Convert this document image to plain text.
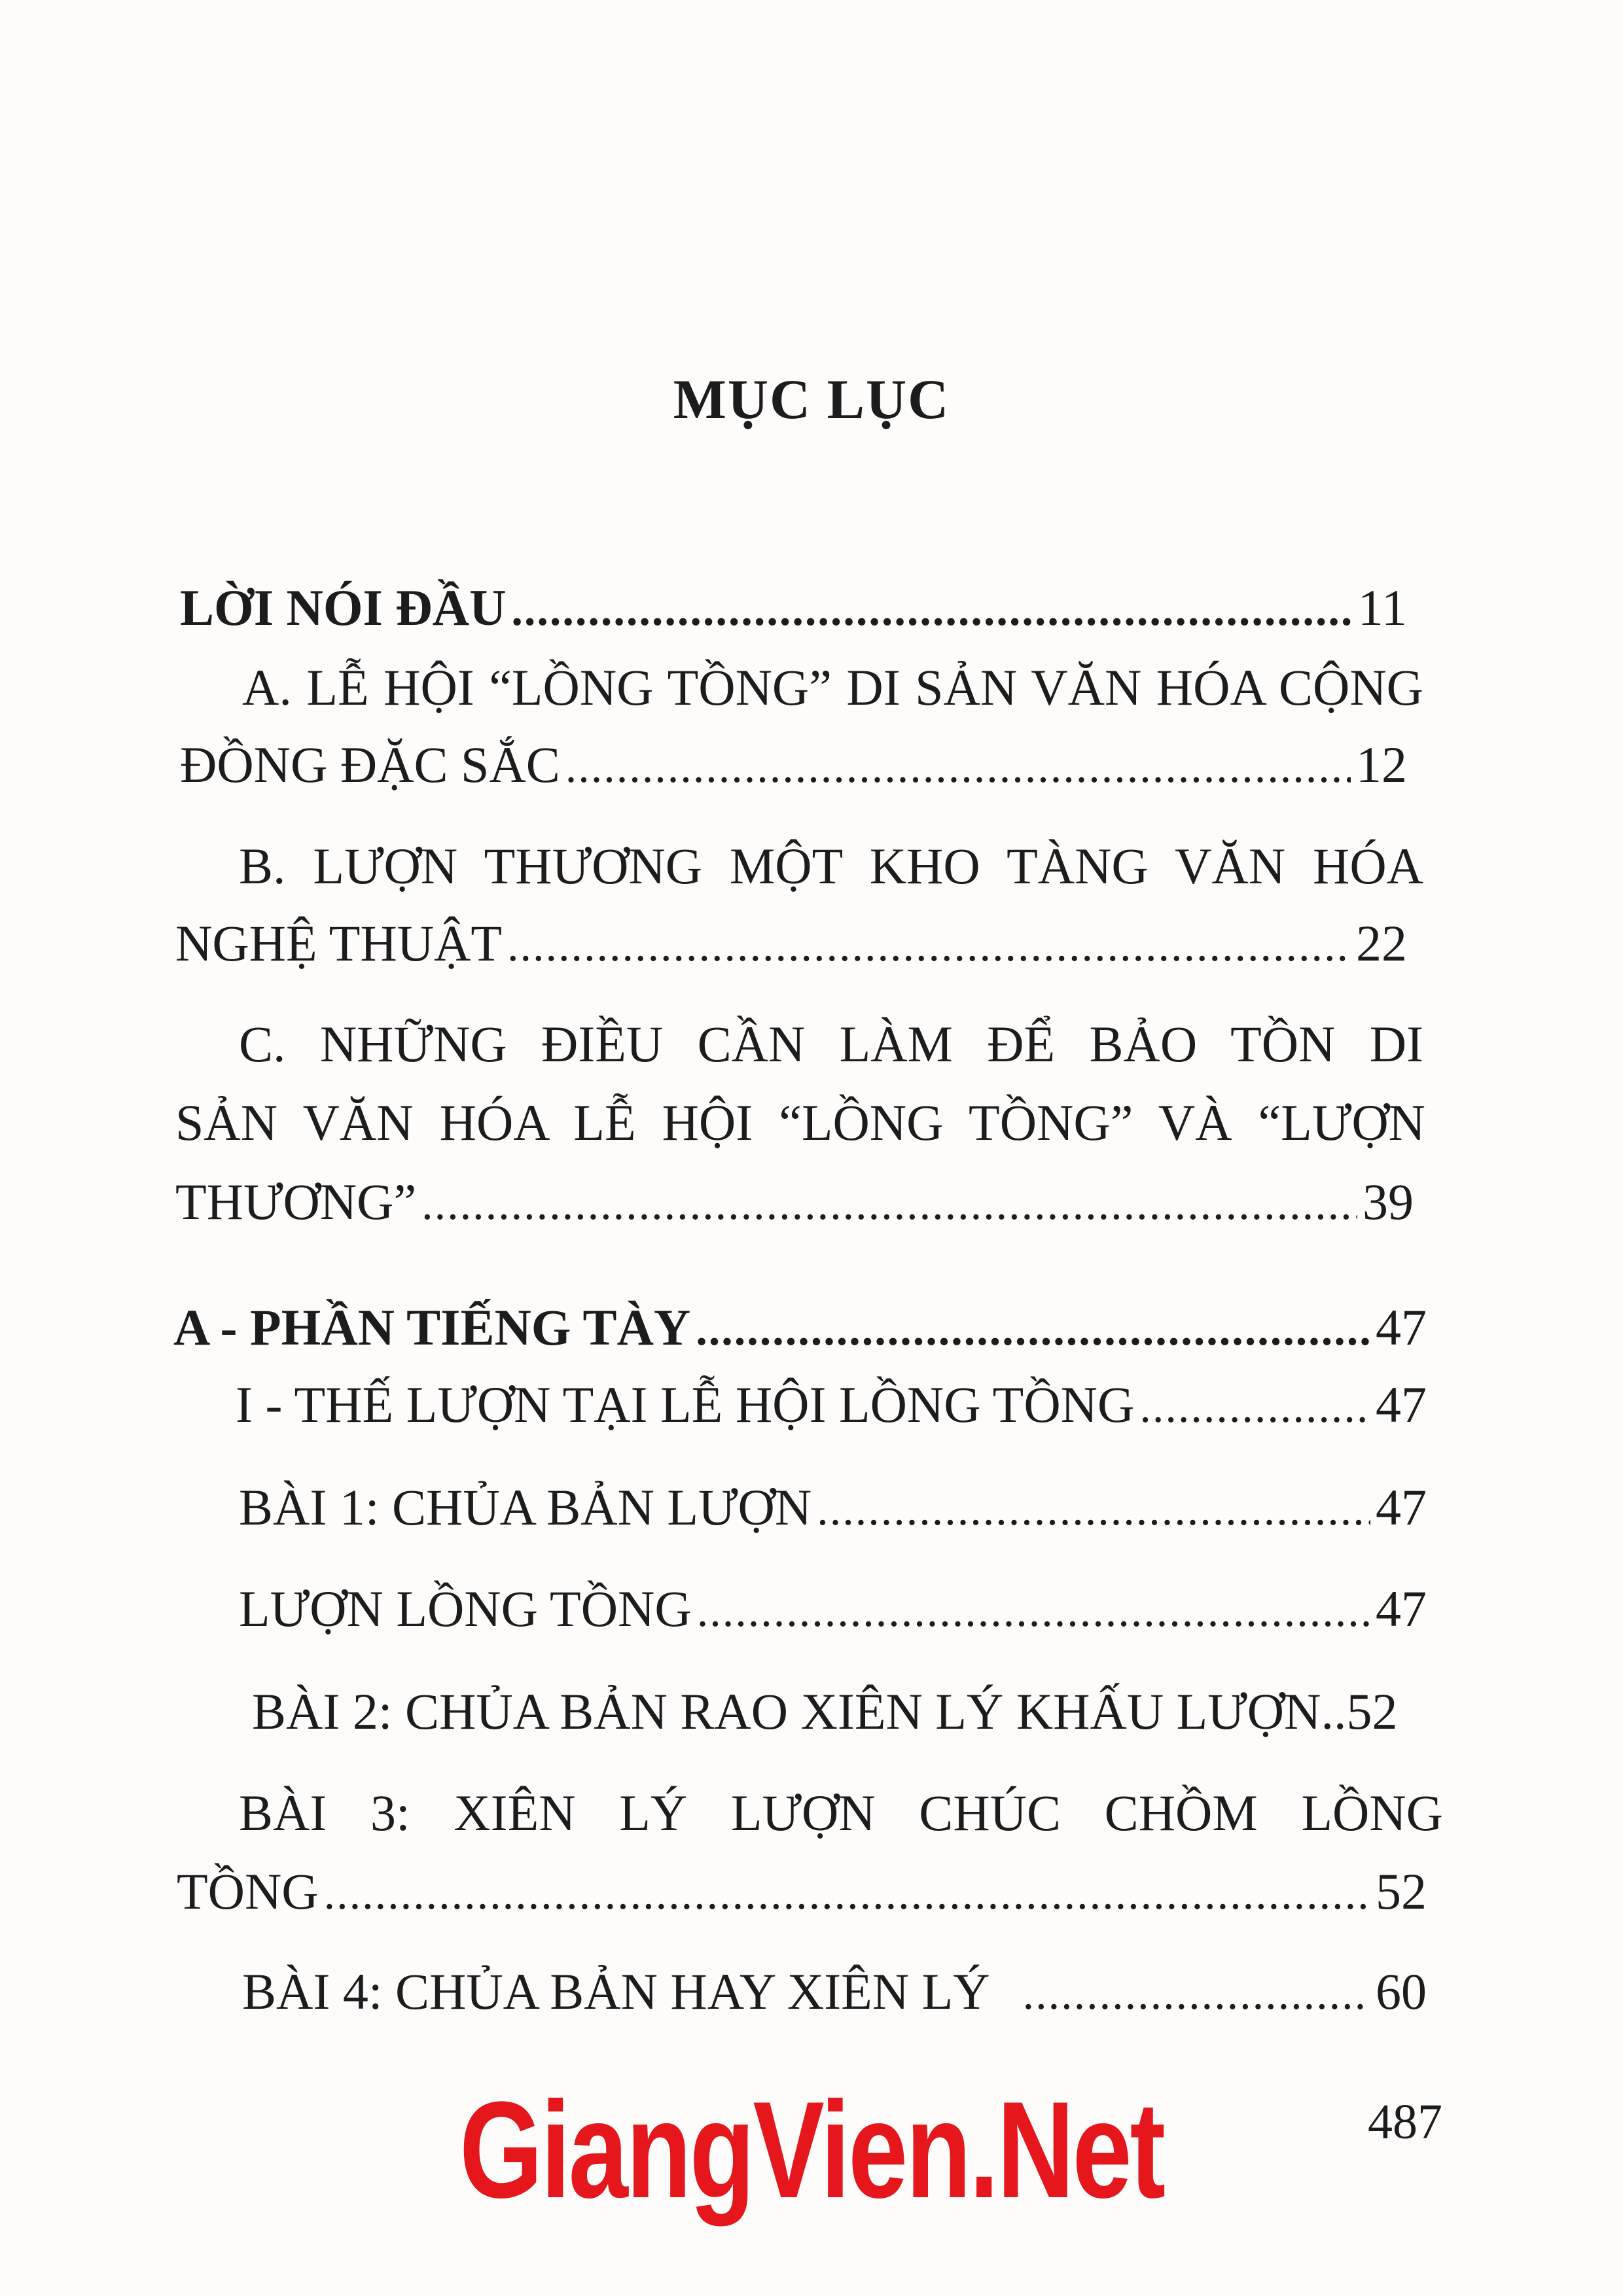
MỤC LỤC
LỜI NÓI ĐẦU .....	11
A. LỄ HỘI “LỒNG TỒNG” DI SẢN VĂN HÓA CỘNG
ĐỒNG ĐẶC SẮC .....	12
B. LƯỢN THƯƠNG MỘT KHO TÀNG VĂN HÓA
NGHỆ THUẬT .....	22
C. NHỮNG ĐIỀU CẦN LÀM ĐỂ BẢO TỒN DI
SẢN VĂN HÓA LỄ HỘI “LỒNG TỒNG” VÀ “LƯỢN
THƯƠNG” .....	39
A - PHẦN TIẾNG TÀY .....	47
I - THẾ LƯỢN TẠI LỄ HỘI LỒNG TỒNG .....	47
BÀI 1: CHỦA BẢN LƯỢN .....	47
LƯỢN LỒNG TỒNG .....	47
BÀI 2: CHỦA BẢN RAO XIÊN LÝ KHẤU LƯỢN .. 52
BÀI 3: XIÊN LÝ LƯỢN CHÚC CHỒM LỒNG
TỒNG .....	52
BÀI 4: CHỦA BẢN HAY XIÊN LÝ .....	60
GiangVien.Net	487
